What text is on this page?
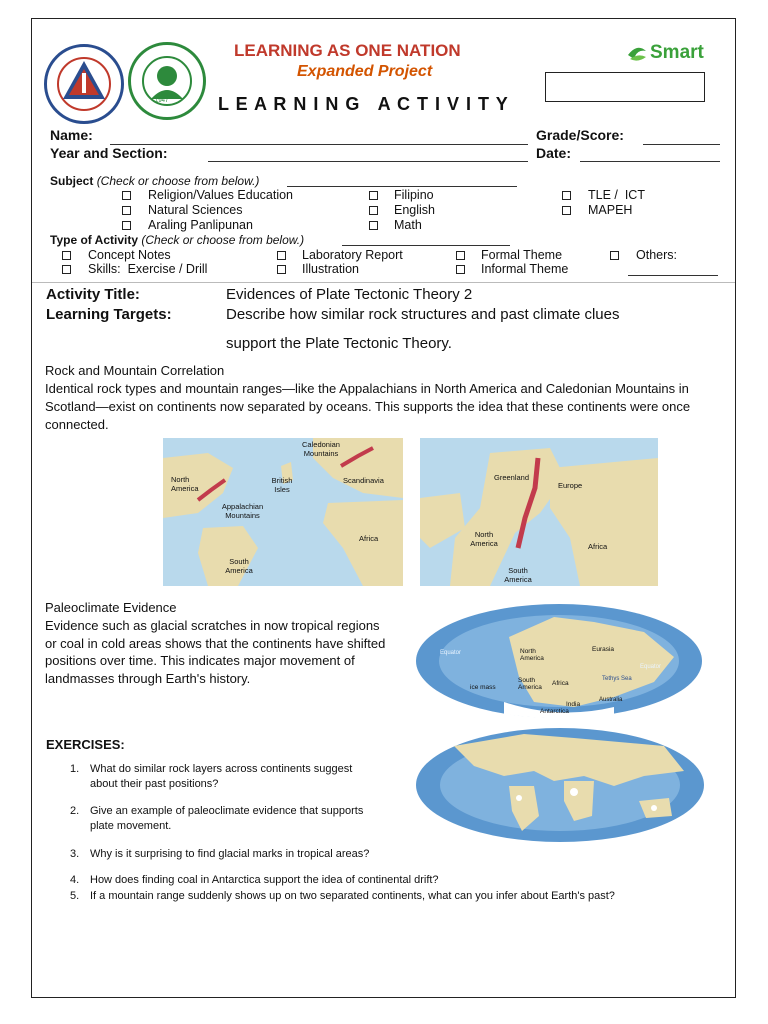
1947
LEARNING AS ONE NATION
Expanded Project
L E A R N I N G   A C T I V I T Y
Smart
Name:	Grade/Score:
Year and Section:	Date:
Subject (Check or choose from below.)
Religion/Values Education
Natural Sciences
Araling Panlipunan
Filipino
English
Math
TLE /  ICT
MAPEH
Type of Activity (Check or choose from below.)
Concept Notes
Skills:  Exercise / Drill
Laboratory Report
Illustration
Formal Theme
Informal Theme
Others:
Activity Title:	Evidences of Plate Tectonic Theory 2
Learning Targets:	Describe how similar rock structures and past climate clues
support the Plate Tectonic Theory.
Rock and Mountain Correlation
Identical rock types and mountain ranges—like the Appalachians in North America and Caledonian Mountains in Scotland—exist on continents now separated by oceans. This supports the idea that these continents were once connected.
Caledonian Mountains
North America
British Isles
Scandinavia
Appalachian Mountains
Africa
South America
Greenland
Europe
North America	Africa
South America
Paleoclimate Evidence
Evidence such as glacial scratches in now tropical regions or coal in cold areas shows that the continents have shifted positions over time. This indicates major movement of landmasses through Earth's history.
Equator	North America
Eurasia
South America
Africa
India
Antarctica
ice mass
Tethys Sea
Equator
Australia
EXERCISES:
1. What do similar rock layers across continents suggest about their past positions?
2. Give an example of paleoclimate evidence that supports plate movement.
3. Why is it surprising to find glacial marks in tropical areas?
4. How does finding coal in Antarctica support the idea of continental drift?
5. If a mountain range suddenly shows up on two separated continents, what can you infer about Earth's past?
